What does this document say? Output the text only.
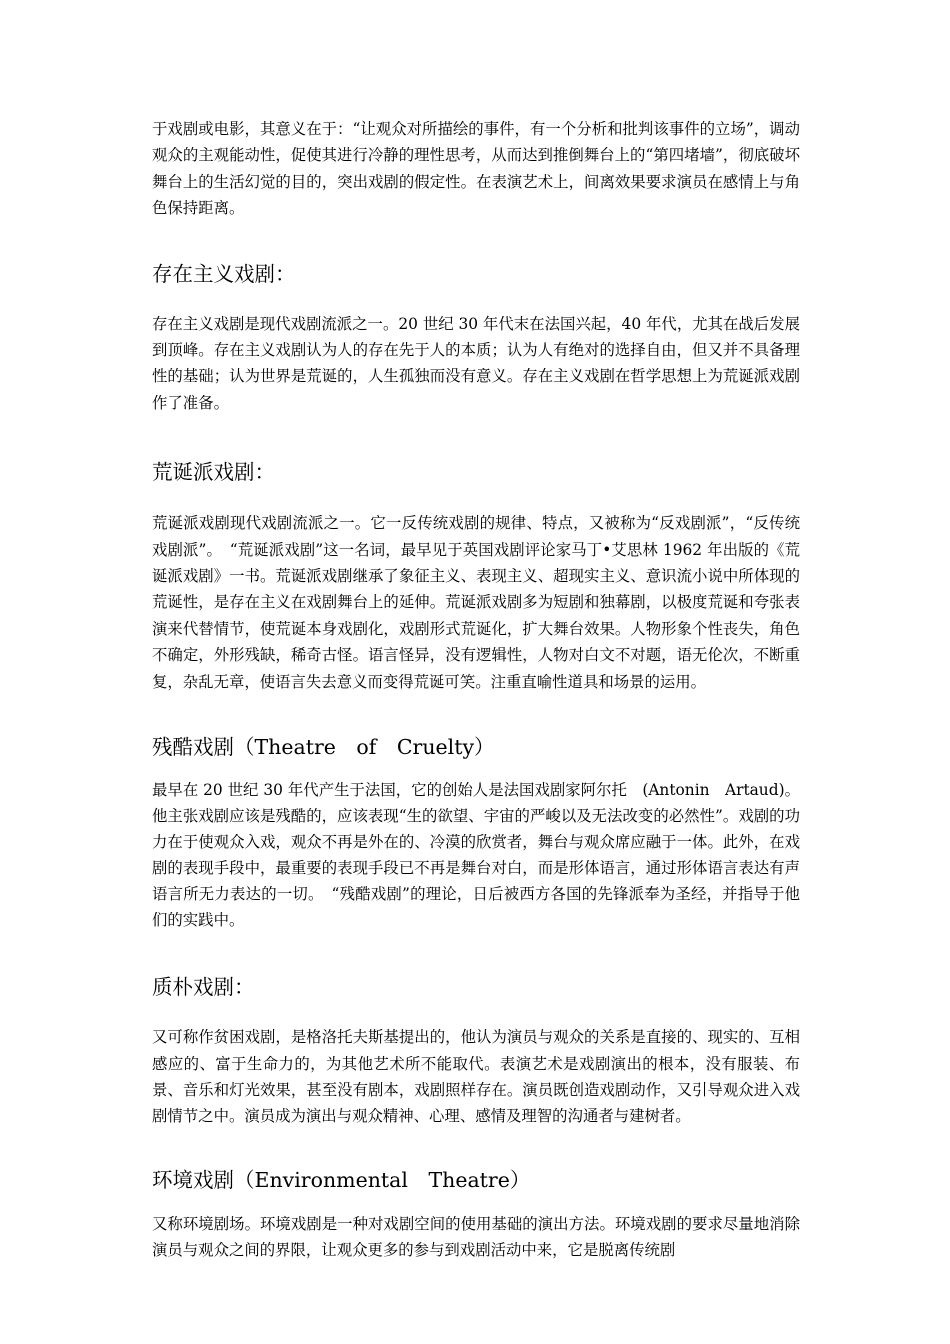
于戏剧或电影，其意义在于：“让观众对所描绘的事件，有一个分析和批判该事件的立场”，调动观众的主观能动性，促使其进行冷静的理性思考，从而达到推倒舞台上的“第四堵墙”，彻底破坏舞台上的生活幻觉的目的，突出戏剧的假定性。在表演艺术上，间离效果要求演员在感情上与角色保持距离。

存在主义戏剧：

存在主义戏剧是现代戏剧流派之一。20 世纪 30 年代末在法国兴起，40 年代，尤其在战后发展到顶峰。存在主义戏剧认为人的存在先于人的本质；认为人有绝对的选择自由，但又并不具备理性的基础；认为世界是荒诞的，人生孤独而没有意义。存在主义戏剧在哲学思想上为荒诞派戏剧作了准备。

荒诞派戏剧：

荒诞派戏剧现代戏剧流派之一。它一反传统戏剧的规律、特点，又被称为“反戏剧派”，“反传统戏剧派”。　“荒诞派戏剧”这一名词，最早见于英国戏剧评论家马丁•艾思林 1962 年出版的《荒诞派戏剧》一书。荒诞派戏剧继承了象征主义、表现主义、超现实主义、意识流小说中所体现的荒诞性，是存在主义在戏剧舞台上的延伸。荒诞派戏剧多为短剧和独幕剧，以极度荒诞和夸张表演来代替情节，使荒诞本身戏剧化，戏剧形式荒诞化，扩大舞台效果。人物形象个性丧失，角色不确定，外形残缺，稀奇古怪。语言怪异，没有逻辑性，人物对白文不对题，语无伦次，不断重复，杂乱无章，使语言失去意义而变得荒诞可笑。注重直喻性道具和场景的运用。

残酷戏剧（Theatre　of　Cruelty）

最早在 20 世纪 30 年代产生于法国，它的创始人是法国戏剧家阿尔托　(Antonin　Artaud)。他主张戏剧应该是残酷的，应该表现“生的欲望、宇宙的严峻以及无法改变的必然性”。戏剧的功力在于使观众入戏，观众不再是外在的、冷漠的欣赏者，舞台与观众席应融于一体。此外，在戏剧的表现手段中，最重要的表现手段已不再是舞台对白，而是形体语言，通过形体语言表达有声语言所无力表达的一切。　“残酷戏剧”的理论，日后被西方各国的先锋派奉为圣经，并指导于他们的实践中。

质朴戏剧：

又可称作贫困戏剧，是格洛托夫斯基提出的，他认为演员与观众的关系是直接的、现实的、互相感应的、富于生命力的，为其他艺术所不能取代。表演艺术是戏剧演出的根本，没有服装、布景、音乐和灯光效果，甚至没有剧本，戏剧照样存在。演员既创造戏剧动作，又引导观众进入戏剧情节之中。演员成为演出与观众精神、心理、感情及理智的沟通者与建树者。

环境戏剧（Environmental　Theatre）

又称环境剧场。环境戏剧是一种对戏剧空间的使用基础的演出方法。环境戏剧的要求尽量地消除演员与观众之间的界限，让观众更多的参与到戏剧活动中来，它是脱离传统剧
